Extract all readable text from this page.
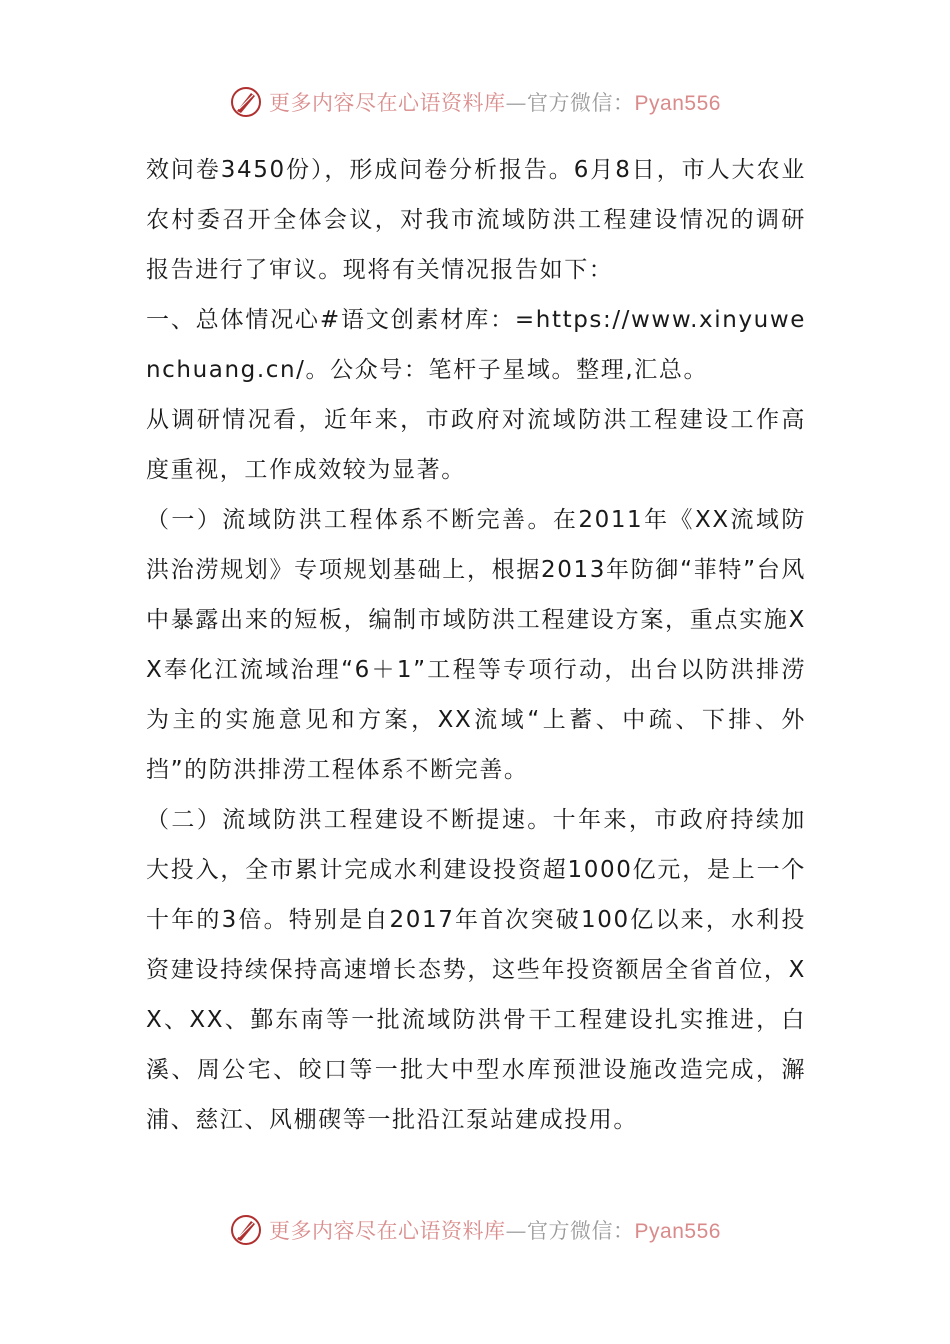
更多内容尽在心语资料库—官方微信：Pyan556

效问卷3450份），形成问卷分析报告。6月8日，市人大农业农村委召开全体会议，对我市流域防洪工程建设情况的调研报告进行了审议。现将有关情况报告如下：

一、总体情况心#语文创素材库：=https://www.xinyuwenchuang.cn/。公众号：笔杆子星域。整理,汇总。

从调研情况看，近年来，市政府对流域防洪工程建设工作高度重视，工作成效较为显著。

（一）流域防洪工程体系不断完善。在2011年《XX流域防洪治涝规划》专项规划基础上，根据2013年防御“菲特”台风中暴露出来的短板，编制市域防洪工程建设方案，重点实施XX奉化江流域治理“6＋1”工程等专项行动，出台以防洪排涝为主的实施意见和方案，XX流域“上蓄、中疏、下排、外挡”的防洪排涝工程体系不断完善。

（二）流域防洪工程建设不断提速。十年来，市政府持续加大投入，全市累计完成水利建设投资超1000亿元，是上一个十年的3倍。特别是自2017年首次突破100亿以来，水利投资建设持续保持高速增长态势，这些年投资额居全省首位，XX、XX、鄞东南等一批流域防洪骨干工程建设扎实推进，白溪、周公宅、皎口等一批大中型水库预泄设施改造完成，澥浦、慈江、风棚碶等一批沿江泵站建成投用。

更多内容尽在心语资料库—官方微信：Pyan556
